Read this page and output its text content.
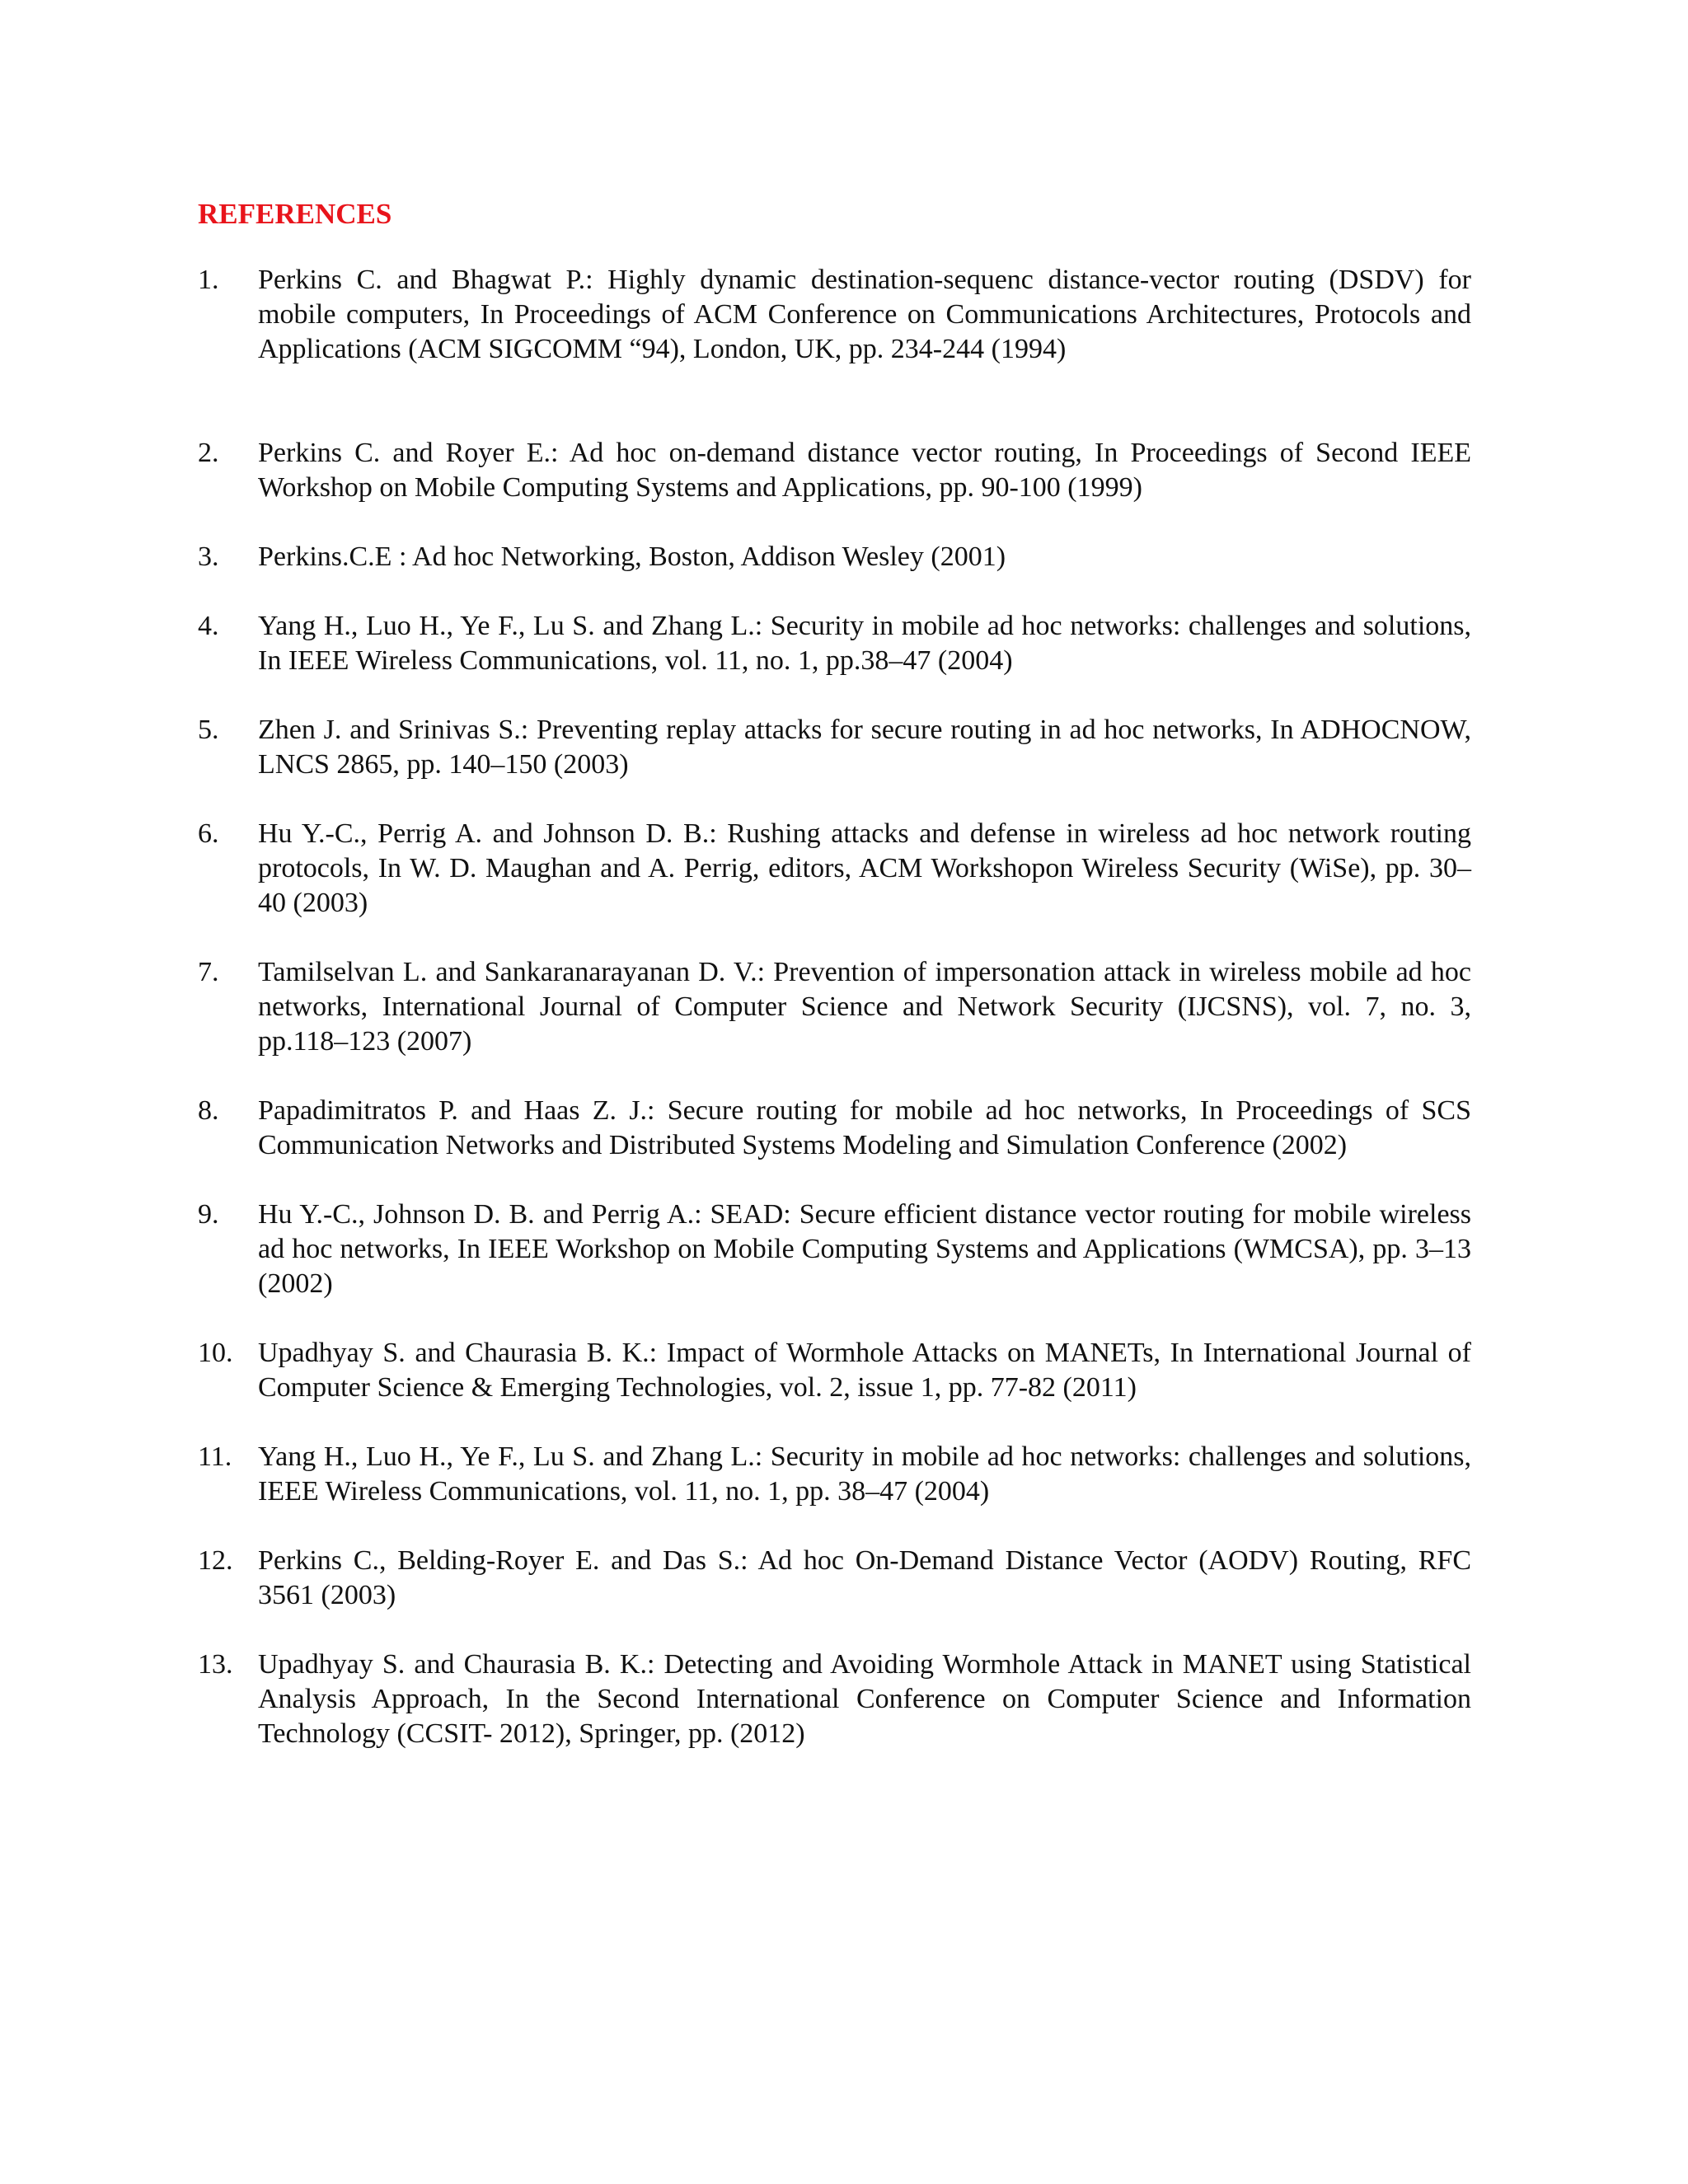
REFERENCES
1. Perkins C. and Bhagwat P.: Highly dynamic destination-sequenc distance-vector routing (DSDV) for mobile computers, In Proceedings of ACM Conference on Communications Architectures, Protocols and Applications (ACM SIGCOMM “94), London, UK, pp. 234-244 (1994)
2. Perkins C. and Royer E.: Ad hoc on-demand distance vector routing, In Proceedings of Second IEEE Workshop on Mobile Computing Systems and Applications, pp. 90-100 (1999)
3. Perkins.C.E : Ad hoc Networking, Boston, Addison Wesley (2001)
4. Yang H., Luo H., Ye F., Lu S. and Zhang L.: Security in mobile ad hoc networks: challenges and solutions, In IEEE Wireless Communications, vol. 11, no. 1, pp.38–47 (2004)
5. Zhen J. and Srinivas S.: Preventing replay attacks for secure routing in ad hoc networks, In ADHOCNOW, LNCS 2865, pp. 140–150 (2003)
6. Hu Y.-C., Perrig A. and Johnson D. B.: Rushing attacks and defense in wireless ad hoc network routing protocols, In W. D. Maughan and A. Perrig, editors, ACM Workshopon Wireless Security (WiSe), pp. 30–40 (2003)
7. Tamilselvan L. and Sankaranarayanan D. V.: Prevention of impersonation attack in wireless mobile ad hoc networks, International Journal of Computer Science and Network Security (IJCSNS), vol. 7, no. 3, pp.118–123 (2007)
8. Papadimitratos P. and Haas Z. J.: Secure routing for mobile ad hoc networks, In Proceedings of SCS Communication Networks and Distributed Systems Modeling and Simulation Conference (2002)
9. Hu Y.-C., Johnson D. B. and Perrig A.: SEAD: Secure efficient distance vector routing for mobile wireless ad hoc networks, In IEEE Workshop on Mobile Computing Systems and Applications (WMCSA), pp. 3–13 (2002)
10. Upadhyay S. and Chaurasia B. K.: Impact of Wormhole Attacks on MANETs, In International Journal of Computer Science & Emerging Technologies, vol. 2, issue 1, pp. 77-82 (2011)
11. Yang H., Luo H., Ye F., Lu S. and Zhang L.: Security in mobile ad hoc networks: challenges and solutions, IEEE Wireless Communications, vol. 11, no. 1, pp. 38–47 (2004)
12. Perkins C., Belding-Royer E. and Das S.: Ad hoc On-Demand Distance Vector (AODV) Routing, RFC 3561 (2003)
13. Upadhyay S. and Chaurasia B. K.: Detecting and Avoiding Wormhole Attack in MANET using Statistical Analysis Approach, In the Second International Conference on Computer Science and Information Technology (CCSIT- 2012), Springer, pp. (2012)
